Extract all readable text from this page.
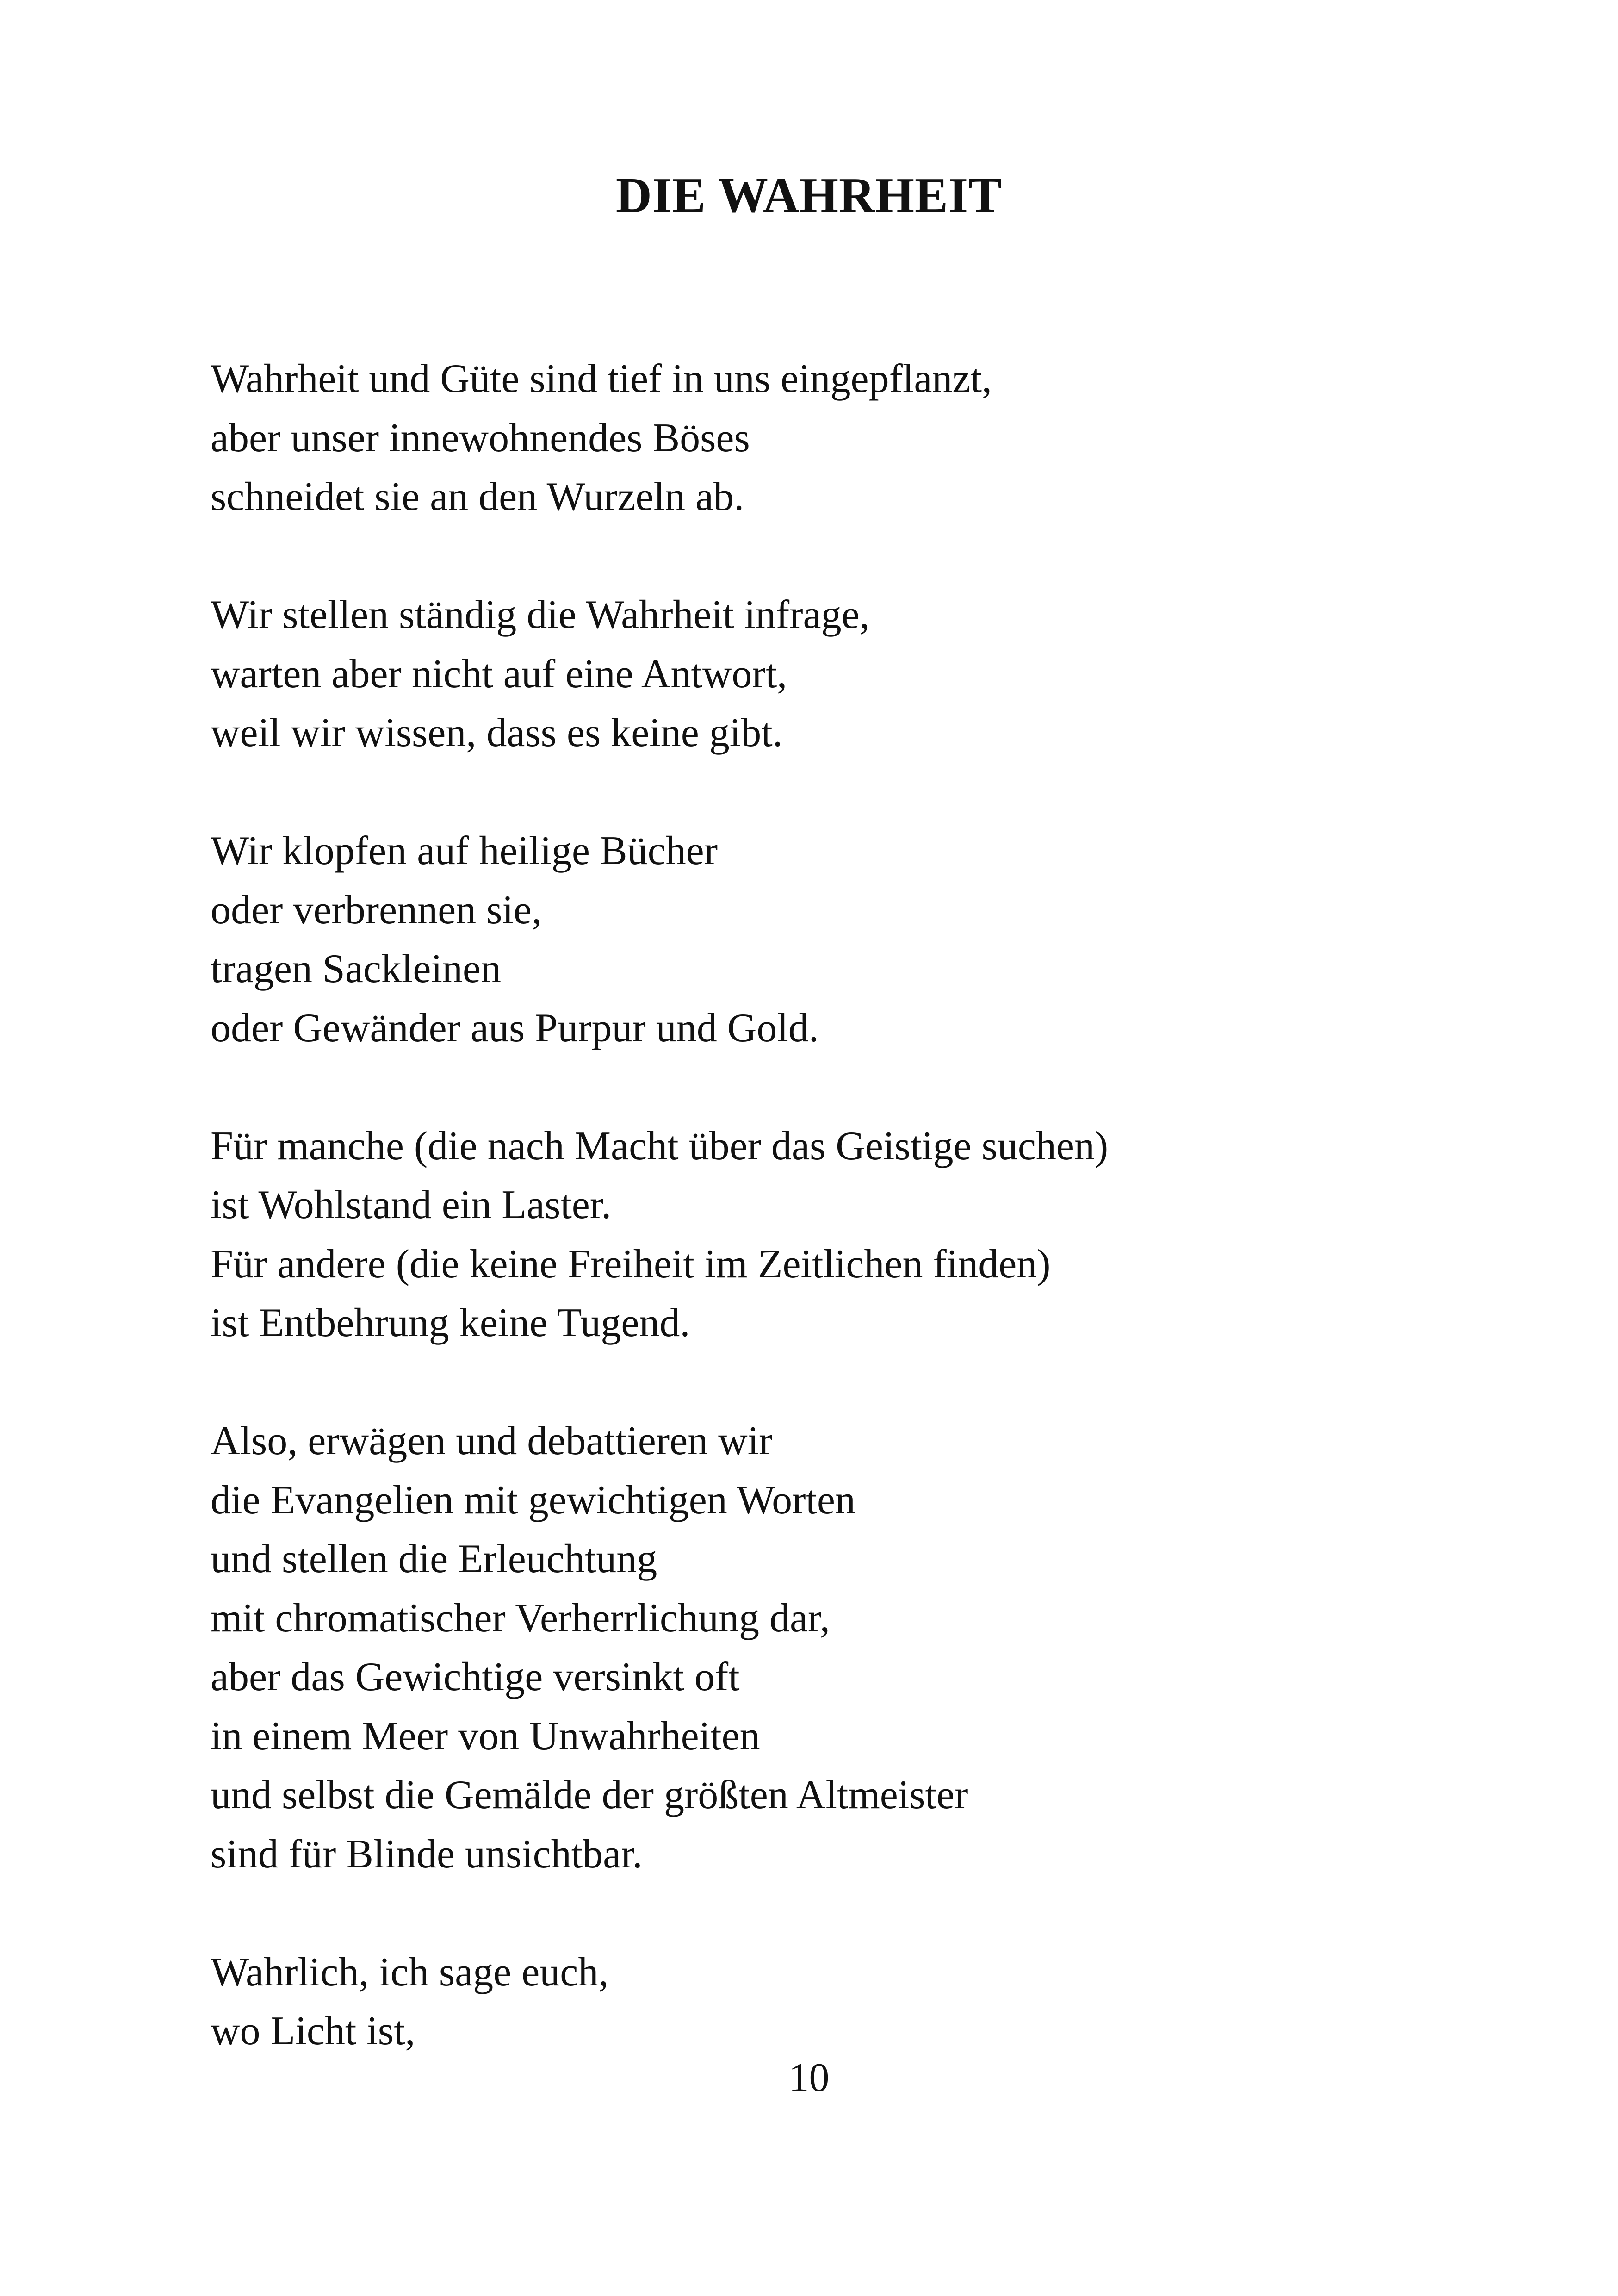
DIE WAHRHEIT
Wahrheit und Güte sind tief in uns eingepflanzt,
aber unser innewohnendes Böses
schneidet sie an den Wurzeln ab.
Wir stellen ständig die Wahrheit infrage,
warten aber nicht auf eine Antwort,
weil wir wissen, dass es keine gibt.
Wir klopfen auf heilige Bücher
oder verbrennen sie,
tragen Sackleinen
oder Gewänder aus Purpur und Gold.
Für manche (die nach Macht über das Geistige suchen)
ist Wohlstand ein Laster.
Für andere (die keine Freiheit im Zeitlichen finden)
ist Entbehrung keine Tugend.
Also, erwägen und debattieren wir
die Evangelien mit gewichtigen Worten
und stellen die Erleuchtung
mit chromatischer Verherrlichung dar,
aber das Gewichtige versinkt oft
in einem Meer von Unwahrheiten
und selbst die Gemälde der größten Altmeister
sind für Blinde unsichtbar.
Wahrlich, ich sage euch,
wo Licht ist,
10
